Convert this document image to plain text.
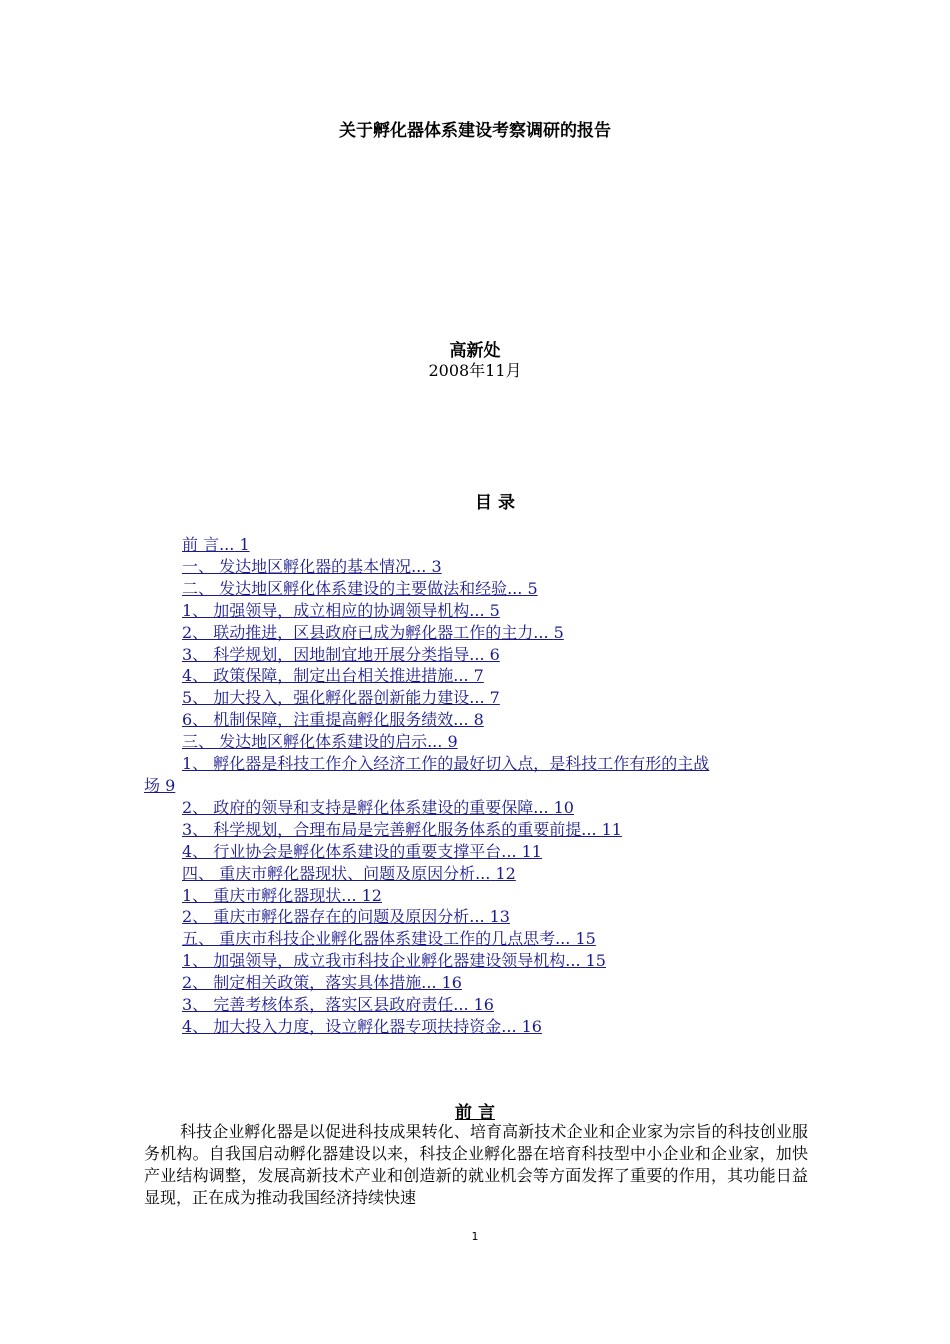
关于孵化器体系建设考察调研的报告
高新处
2008年11月
目 录
前 言... 1
一、 发达地区孵化器的基本情况... 3
二、 发达地区孵化体系建设的主要做法和经验... 5
1、 加强领导，成立相应的协调领导机构... 5
2、 联动推进，区县政府已成为孵化器工作的主力... 5
3、 科学规划，因地制宜地开展分类指导... 6
4、 政策保障，制定出台相关推进措施... 7
5、 加大投入，强化孵化器创新能力建设... 7
6、 机制保障，注重提高孵化服务绩效... 8
三、 发达地区孵化体系建设的启示... 9
1、 孵化器是科技工作介入经济工作的最好切入点，是科技工作有形的主战
场 9
2、 政府的领导和支持是孵化体系建设的重要保障... 10
3、 科学规划，合理布局是完善孵化服务体系的重要前提... 11
4、 行业协会是孵化体系建设的重要支撑平台... 11
四、 重庆市孵化器现状、问题及原因分析... 12
1、 重庆市孵化器现状... 12
2、 重庆市孵化器存在的问题及原因分析... 13
五、 重庆市科技企业孵化器体系建设工作的几点思考... 15
1、 加强领导，成立我市科技企业孵化器建设领导机构... 15
2、 制定相关政策，落实具体措施... 16
3、 完善考核体系，落实区县政府责任... 16
4、 加大投入力度，设立孵化器专项扶持资金... 16
前 言

科技企业孵化器是以促进科技成果转化、培育高新技术企业和企业家为宗旨的科技创业服务机构。自我国启动孵化器建设以来，科技企业孵化器在培育科技型中小企业和企业家，加快产业结构调整，发展高新技术产业和创造新的就业机会等方面发挥了重要的作用，其功能日益显现，正在成为推动我国经济持续快速

1
